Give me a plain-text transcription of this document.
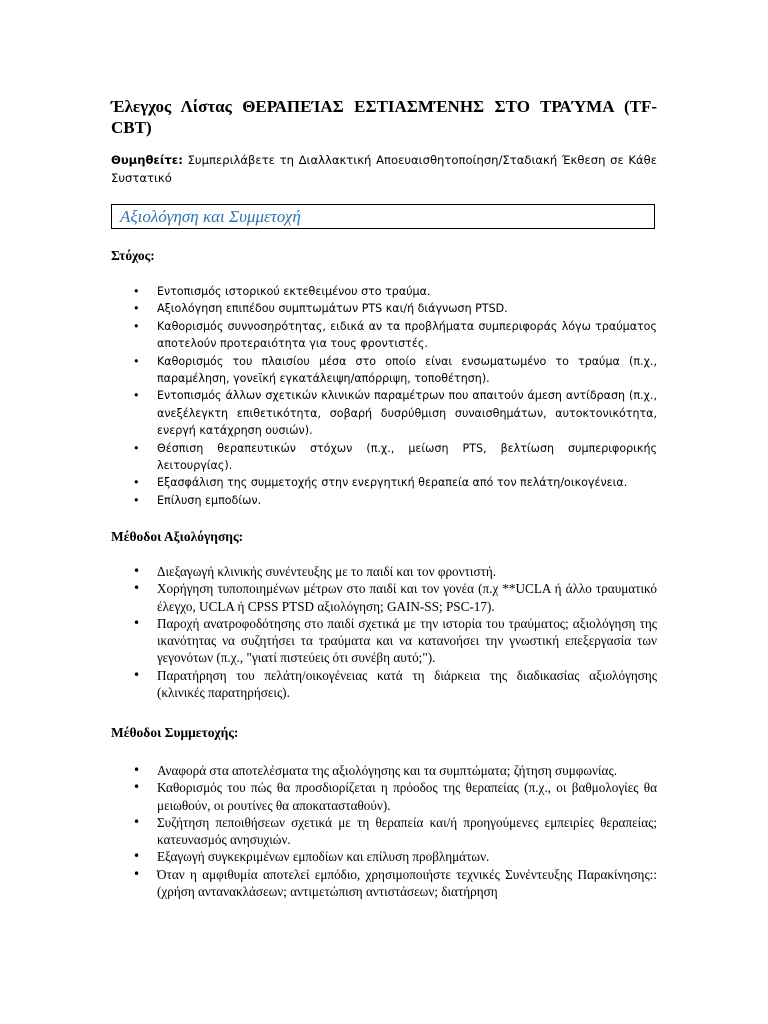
Έλεγχος Λίστας ΘΕΡΑΠΕΊΑΣ ΕΣΤΙΑΣΜΈΝΗΣ ΣΤΟ ΤΡΑΎΜΑ (TF-CBT)

Θυμηθείτε: Συμπεριλάβετε τη Διαλλακτική Αποευαισθητοποίηση/Σταδιακή Έκθεση σε Κάθε Συστατικό

Αξιολόγηση και Συμμετοχή
Στόχος:
• Εντοπισμός ιστορικού εκτεθειμένου στο τραύμα.
• Αξιολόγηση επιπέδου συμπτωμάτων PTS και/ή διάγνωση PTSD.
• Καθορισμός συννοσηρότητας, ειδικά αν τα προβλήματα συμπεριφοράς λόγω τραύματος αποτελούν προτεραιότητα για τους φροντιστές.
• Καθορισμός του πλαισίου μέσα στο οποίο είναι ενσωματωμένο το τραύμα (π.χ., παραμέληση, γονεϊκή εγκατάλειψη/απόρριψη, τοποθέτηση).
• Εντοπισμός άλλων σχετικών κλινικών παραμέτρων που απαιτούν άμεση αντίδραση (π.χ., ανεξέλεγκτη επιθετικότητα, σοβαρή δυσρύθμιση συναισθημάτων, αυτοκτονικότητα, ενεργή κατάχρηση ουσιών).
• Θέσπιση θεραπευτικών στόχων (π.χ., μείωση PTS, βελτίωση συμπεριφορικής λειτουργίας).
• Εξασφάλιση της συμμετοχής στην ενεργητική θεραπεία από τον πελάτη/οικογένεια.
• Επίλυση εμποδίων.
Μέθοδοι Αξιολόγησης:
• Διεξαγωγή κλινικής συνέντευξης με το παιδί και τον φροντιστή.
• Χορήγηση τυποποιημένων μέτρων στο παιδί και τον γονέα (π.χ **UCLA ή άλλο τραυματικό έλεγχο, UCLA ή CPSS PTSD αξιολόγηση; GAIN-SS; PSC-17).
• Παροχή ανατροφοδότησης στο παιδί σχετικά με την ιστορία του τραύματος; αξιολόγηση της ικανότητας να συζητήσει τα τραύματα και να κατανοήσει την γνωστική επεξεργασία των γεγονότων (π.χ., "γιατί πιστεύεις ότι συνέβη αυτό;").
• Παρατήρηση του πελάτη/οικογένειας κατά τη διάρκεια της διαδικασίας αξιολόγησης (κλινικές παρατηρήσεις).
Μέθοδοι Συμμετοχής:
• Αναφορά στα αποτελέσματα της αξιολόγησης και τα συμπτώματα; ζήτηση συμφωνίας.
• Καθορισμός του πώς θα προσδιορίζεται η πρόοδος της θεραπείας (π.χ., οι βαθμολογίες θα μειωθούν, οι ρουτίνες θα αποκατασταθούν).
• Συζήτηση πεποιθήσεων σχετικά με τη θεραπεία και/ή προηγούμενες εμπειρίες θεραπείας; κατευνασμός ανησυχιών.
• Εξαγωγή συγκεκριμένων εμποδίων και επίλυση προβλημάτων.
• Όταν η αμφιθυμία αποτελεί εμπόδιο, χρησιμοποιήστε τεχνικές Συνέντευξης Παρακίνησης:: (χρήση αντανακλάσεων; αντιμετώπιση αντιστάσεων; διατήρηση
